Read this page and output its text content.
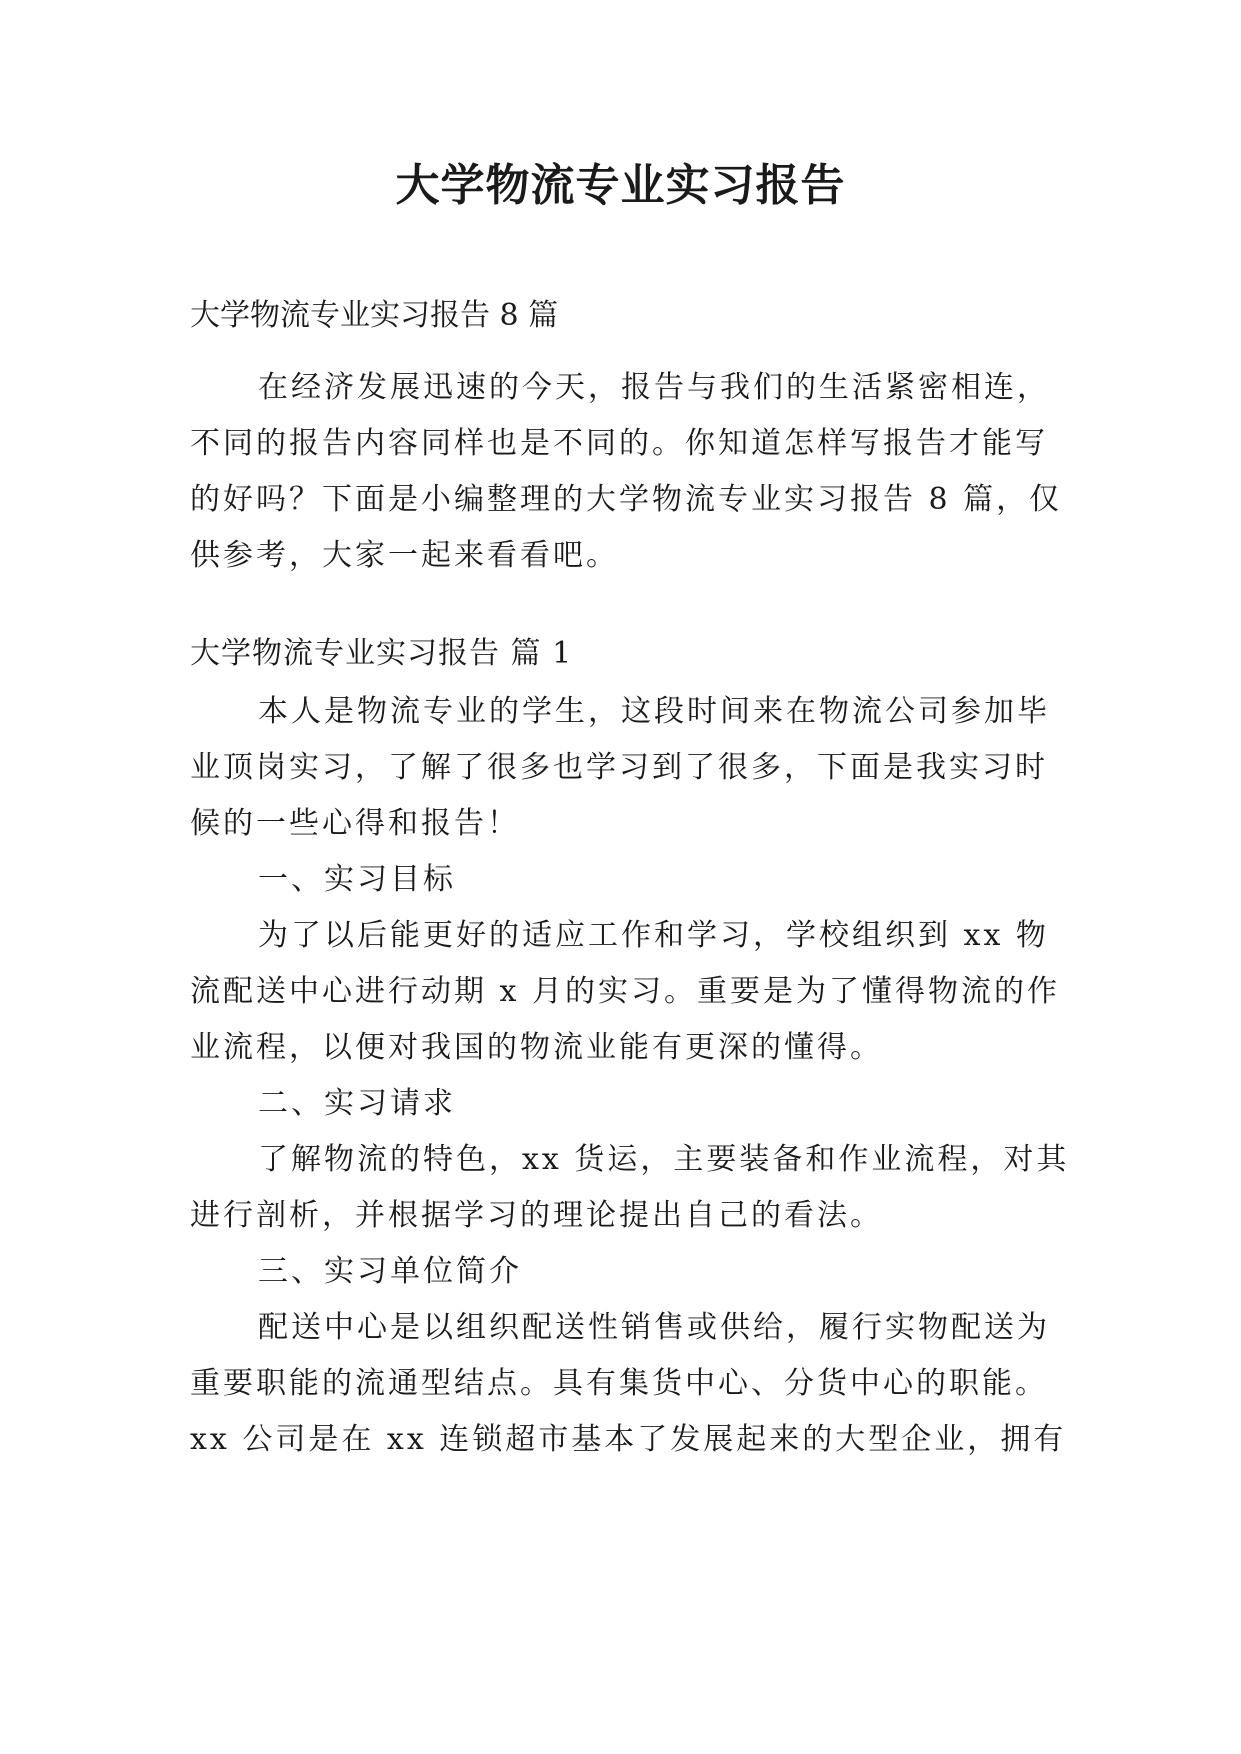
大学物流专业实习报告

大学物流专业实习报告 8 篇

在经济发展迅速的今天，报告与我们的生活紧密相连，

不同的报告内容同样也是不同的。你知道怎样写报告才能写

的好吗？下面是小编整理的大学物流专业实习报告 8 篇，仅

供参考，大家一起来看看吧。

大学物流专业实习报告 篇 1

本人是物流专业的学生，这段时间来在物流公司参加毕

业顶岗实习，了解了很多也学习到了很多，下面是我实习时

候的一些心得和报告！

一、实习目标

为了以后能更好的适应工作和学习，学校组织到 xx 物

流配送中心进行动期 x 月的实习。重要是为了懂得物流的作

业流程，以便对我国的物流业能有更深的懂得。

二、实习请求

了解物流的特色，xx 货运，主要装备和作业流程，对其

进行剖析，并根据学习的理论提出自己的看法。

三、实习单位简介

配送中心是以组织配送性销售或供给，履行实物配送为

重要职能的流通型结点。具有集货中心、分货中心的职能。

xx 公司是在 xx 连锁超市基本了发展起来的大型企业，拥有
